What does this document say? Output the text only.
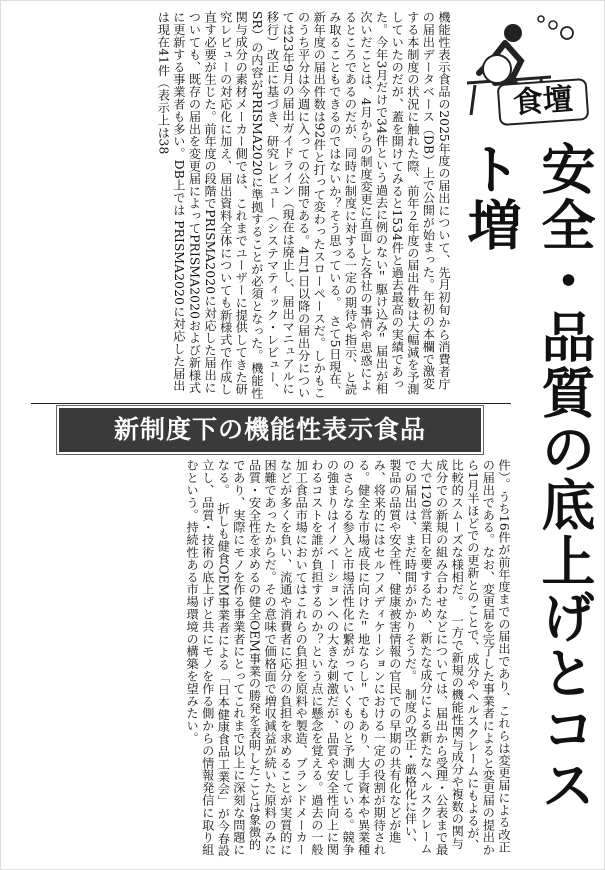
食壇
安全・品質の底上げとコスト増
機能性表示食品の2025年度の届出について、先月初旬から消費者庁の届出データベース（DB）上で公開が始まった。年初の本欄で激変する本制度の状況に触れた際、前年２年度の届出件数は大幅減を予測していたのだが、蓋を開けてみると1534件と過去最高の実績であった。今年3月だけで34件という過去に例のない＂駆け込み＂届出が相次いだことは、4月からの制度変更に直面した各社の事情や思惑によるところであるのだが、同時に制度に対する一定の期待や指示、と読み取ることもできるのではないか？そう思っている。　さて5日現在、新年度の届出件数は92件と打って変わったスローペースだ。しかもこのうち平分は今週に入っての公開である。4月1日以降の届出分については23年9月の届出ガイドライン（現在は廃止し、届出マニュアルに移行）改正に基づき、研究レビュー（システマティック・レビュー、SR）の内容がPRISMA2020に準拠することが必須となった。機能性関与成分の素材メーカー側では、これまでユーザーに提供してきた研究レビューの対応化に加え、届出資料全体についても新様式で作成し直す必要が生じた。前年度の段階でPRISMA2020に対応した届出についても、既存の届出を変更届によってPRISMA2020および新様式に更新する事業者も多い。DB上では PRISMA2020に対応した届出は現在41件（表示上は38
新制度下の機能性表示食品
件）。うち16件が前年度までの届出であり、これらは変更届による改正の届出である。なお、変更届を完了した事業者によると変更届の提出から1月半ほどでの更新とのことで、成分やヘルスクレームにもよるが、比較的スムーズな様相だ。　一方で新規の機能性関与成分や複数の関与成分での新規の組み合わせなどについては、届出から受理・公表まで最大で120営業日を要するため、新たな成分による新たなヘルスクレームでの届出は、まだ時間がかかりそうだ。　制度の改正・厳格化に伴い、製品の品質や安全性、健康被害情報の官民での早期の共有化などが進み、将来的にはセルフメディケーションにおける一定の役割が期待される。健全な市場成長に向けた＂地ならし＂でもあり、大手資本や異業種のさらなる参入と市場活性化に繋がっていくものと予測している。競争の強まりはイノベーションへの大きな刺激だが、品質や安全性向上に関わるコストを誰が負担するのか？という点に懸念を覚える。過去の一般加工食品市場においてはこれらの負担を原料や製造、ブランドメーカーなどが多くを負い、流通や消費者に応分の負担を求めることが実質的に困難であったからだ。その意味で価格面で増収減益が続いた原料のみに品質・安全性を求めるの健全OEM事業の勝発を表明したことは象徴的であり、実際にモノを作る事業者にとってこれまで以上に深刻な問題になる。　折しも健食OEM事業者による「日本健康食品工業会」が今春設立し、品質・技術の底上げと共にモノを作る側からの情報発信に取り組むという。持続性ある市場環境の構築を望みたい。
